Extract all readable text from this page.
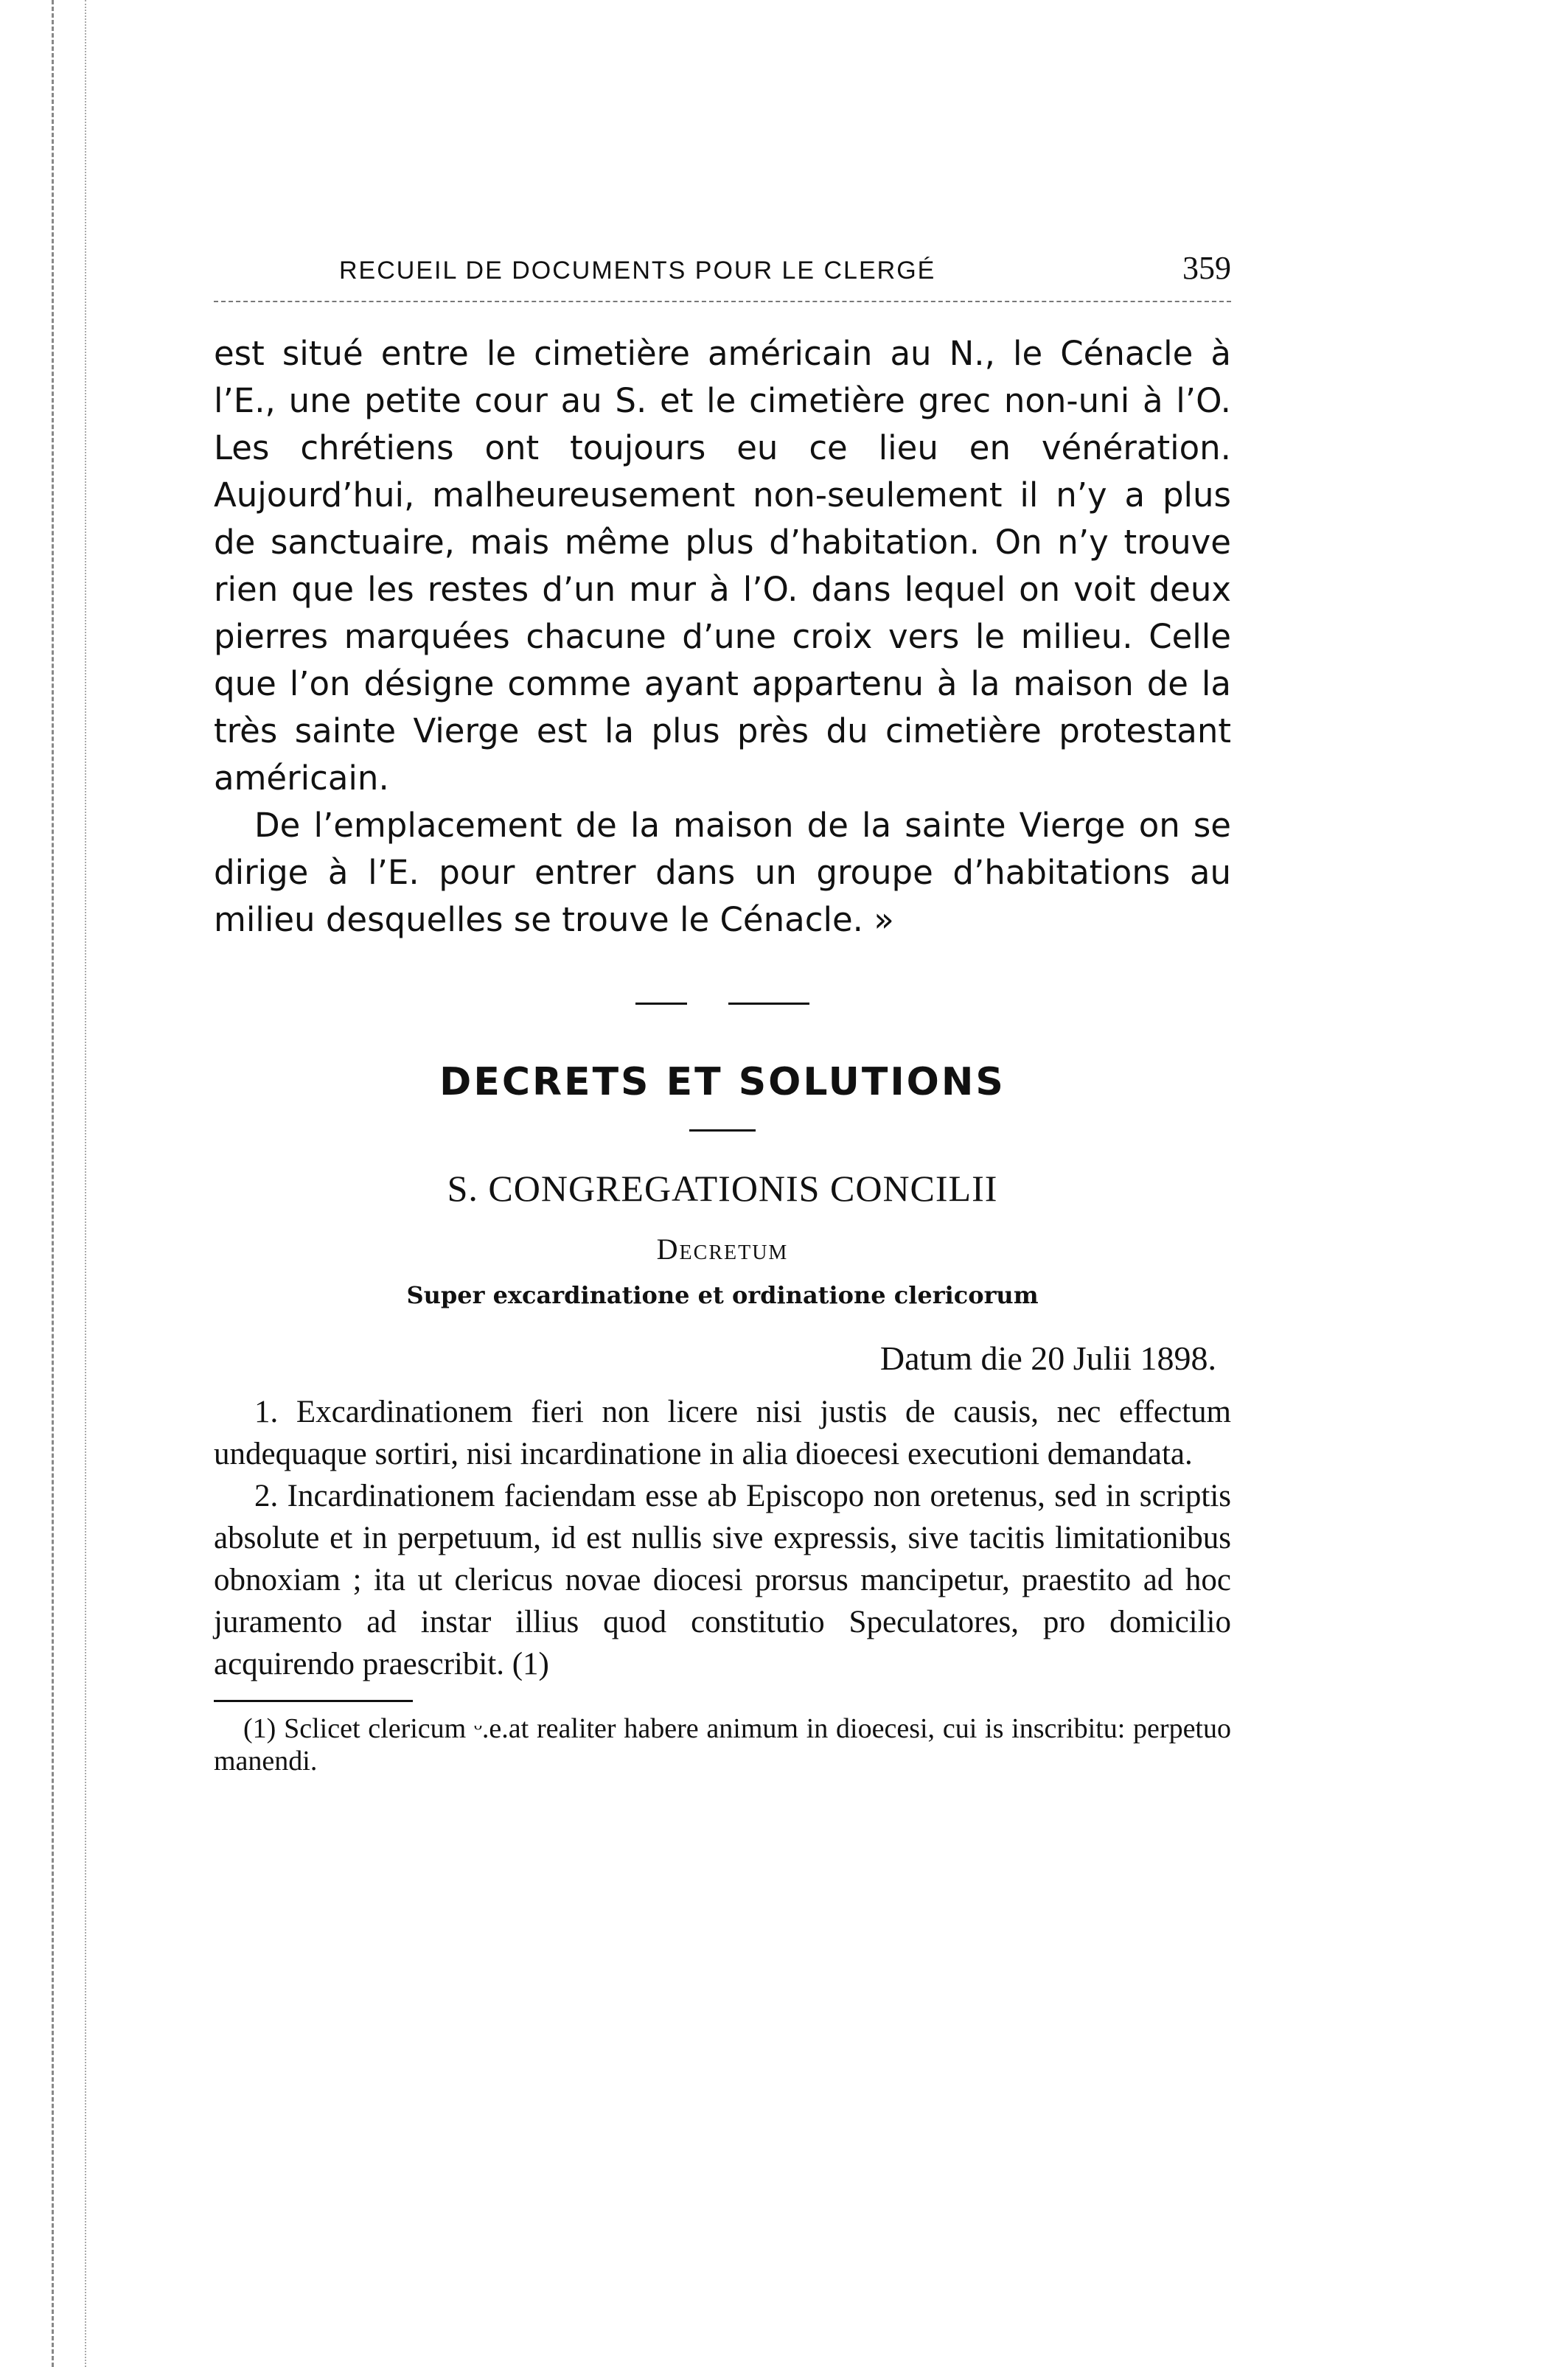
RECUEIL DE DOCUMENTS POUR LE CLERGÉ	359

est situé entre le cimetière américain au N., le Cénacle à l’E., une petite cour au S. et le cimetière grec non-uni à l’O. Les chrétiens ont toujours eu ce lieu en vénération. Aujourd’hui, malheureusement non-seulement il n’y a plus de sanctuaire, mais même plus d’habitation. On n’y trouve rien que les restes d’un mur à l’O. dans lequel on voit deux pierres marquées chacune d’une croix vers le milieu. Celle que l’on désigne comme ayant appartenu à la maison de la très sainte Vierge est la plus près du cimetière protestant américain.

De l’emplacement de la maison de la sainte Vierge on se dirige à l’E. pour entrer dans un groupe d’habitations au milieu desquelles se trouve le Cénacle. »

DECRETS ET SOLUTIONS
S. CONGREGATIONIS CONCILII
Decretum
Super excardinatione et ordinatione clericorum
Datum die 20 Julii 1898.

1. Excardinationem fieri non licere nisi justis de causis, nec effectum undequaque sortiri, nisi incardinatione in alia dioecesi executioni demandata.

2. Incardinationem faciendam esse ab Episcopo non oretenus, sed in scriptis absolute et in perpetuum, id est nullis sive expressis, sive tacitis limitationibus obnoxiam ; ita ut clericus novae diocesi prorsus mancipetur, praestito ad hoc juramento ad instar illius quod constitutio Speculatores, pro domicilio acquirendo praescribit. (1)

(1) Sclicet clericum ᵕ.e.at realiter habere animum in dioecesi, cui is inscribitu: perpetuo manendi.
